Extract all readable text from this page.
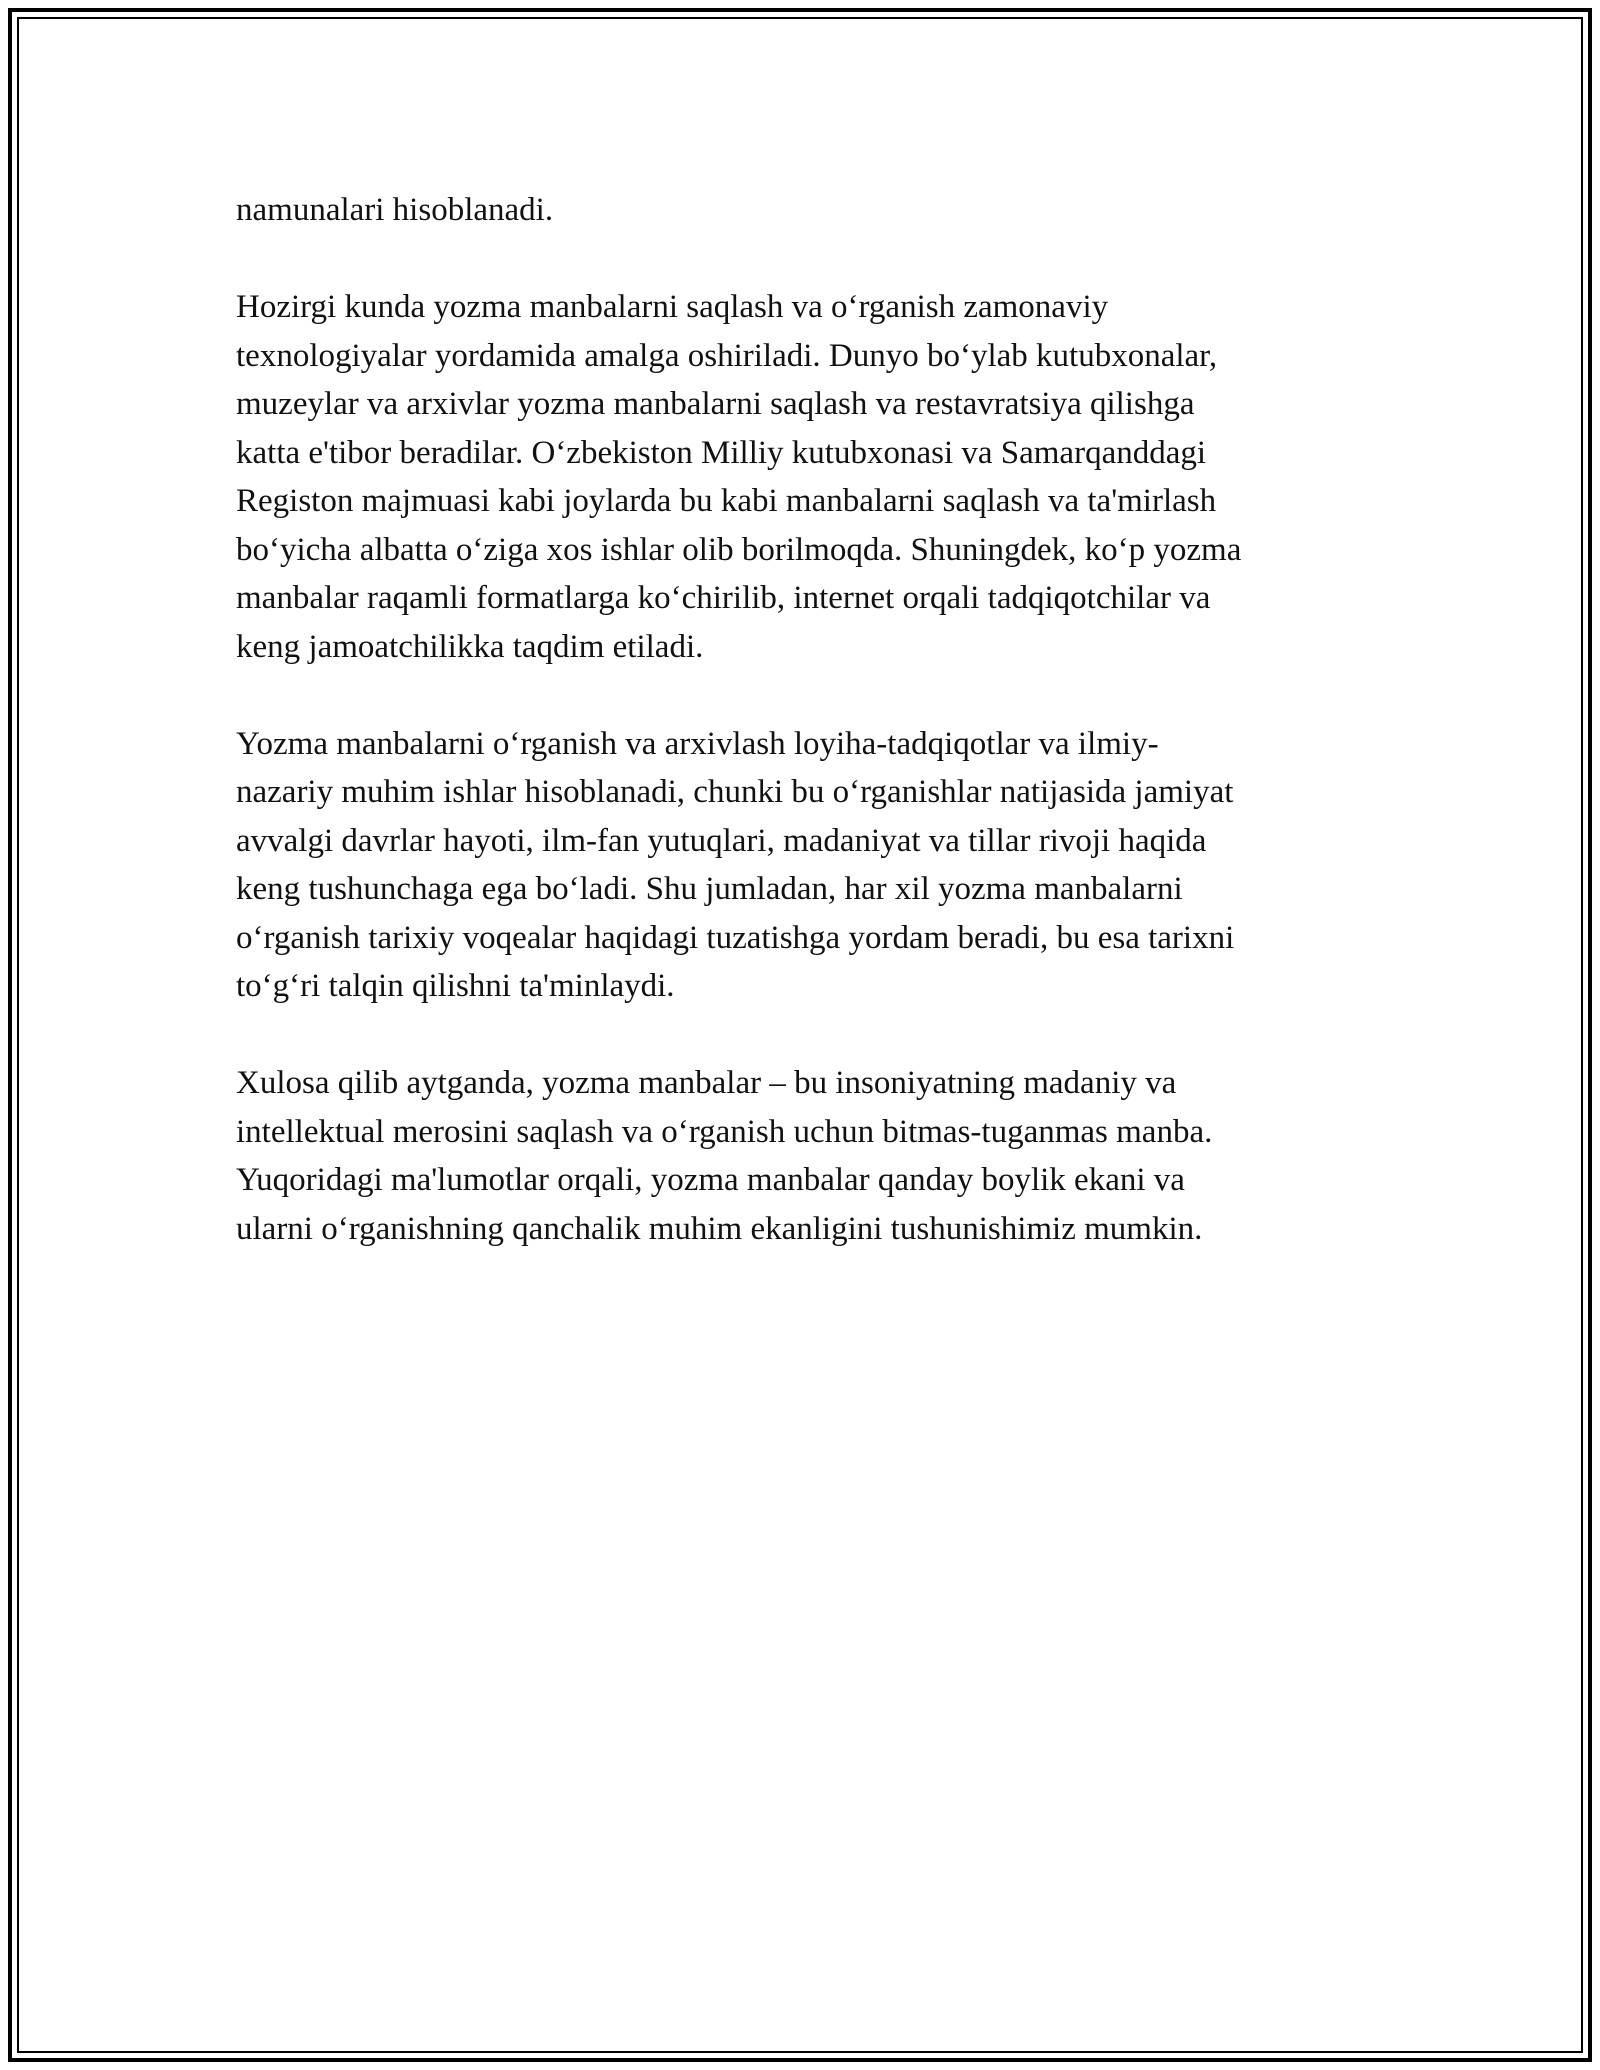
namunalari hisoblanadi.
Hozirgi kunda yozma manbalarni saqlash va o‘rganish zamonaviy
texnologiyalar yordamida amalga oshiriladi. Dunyo bo‘ylab kutubxonalar,
muzeylar va arxivlar yozma manbalarni saqlash va restavratsiya qilishga
katta e'tibor beradilar. O‘zbekiston Milliy kutubxonasi va Samarqanddagi
Registon majmuasi kabi joylarda bu kabi manbalarni saqlash va ta'mirlash
bo‘yicha albatta o‘ziga xos ishlar olib borilmoqda. Shuningdek, ko‘p yozma
manbalar raqamli formatlarga ko‘chirilib, internet orqali tadqiqotchilar va
keng jamoatchilikka taqdim etiladi.
Yozma manbalarni o‘rganish va arxivlash loyiha-tadqiqotlar va ilmiy-
nazariy muhim ishlar hisoblanadi, chunki bu o‘rganishlar natijasida jamiyat
avvalgi davrlar hayoti, ilm-fan yutuqlari, madaniyat va tillar rivoji haqida
keng tushunchaga ega bo‘ladi. Shu jumladan, har xil yozma manbalarni
o‘rganish tarixiy voqealar haqidagi tuzatishga yordam beradi, bu esa tarixni
to‘g‘ri talqin qilishni ta'minlaydi.
Xulosa qilib aytganda, yozma manbalar – bu insoniyatning madaniy va
intellektual merosini saqlash va o‘rganish uchun bitmas-tuganmas manba.
Yuqoridagi ma'lumotlar orqali, yozma manbalar qanday boylik ekani va
ularni o‘rganishning qanchalik muhim ekanligini tushunishimiz mumkin.
